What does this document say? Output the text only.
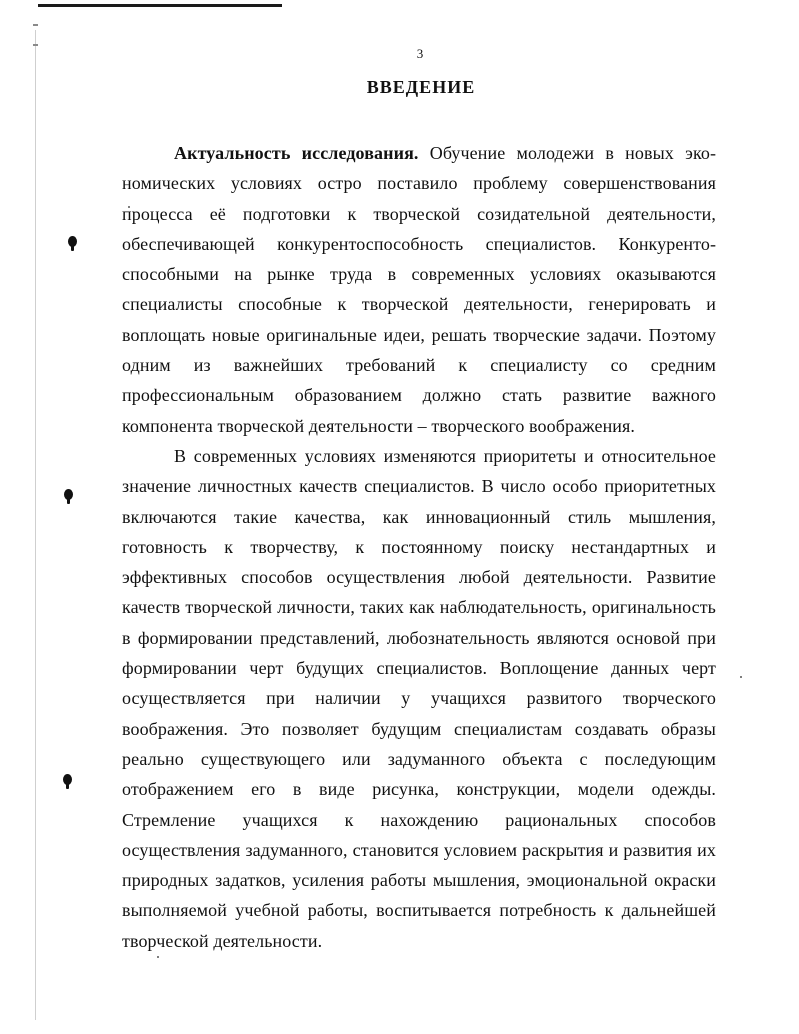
3
ВВЕДЕНИЕ

Актуальность исследования. Обучение молодежи в новых экономических условиях остро поставило проблему совершенствования процесса её подготовки к творческой созидательной деятельности, обеспечивающей конкурентоспособность специалистов. Конкурентоспособными на рынке труда в современных условиях оказываются специалисты способные к творческой деятельности, генерировать и воплощать новые оригинальные идеи, решать творческие задачи. Поэтому одним из важнейших требований к специалисту со средним профессиональным образованием должно стать развитие важного компонента творческой деятельности – творческого воображения.

В современных условиях изменяются приоритеты и относительное значение личностных качеств специалистов. В число особо приоритетных включаются такие качества, как инновационный стиль мышления, готовность к творчеству, к постоянному поиску нестандартных и эффективных способов осуществления любой деятельности. Развитие качеств творческой личности, таких как наблюдательность, оригинальность в формировании представлений, любознательность являются основой при формировании черт будущих специалистов. Воплощение данных черт осуществляется при наличии у учащихся развитого творческого воображения. Это позволяет будущим специалистам создавать образы реально существующего или задуманного объекта с последующим отображением его в виде рисунка, конструкции, модели одежды. Стремление учащихся к нахождению рациональных способов осуществления задуманного, становится условием раскрытия и развития их природных задатков, усиления работы мышления, эмоциональной окраски выполняемой учебной работы, воспитывается потребность к дальнейшей творческой деятельности.
